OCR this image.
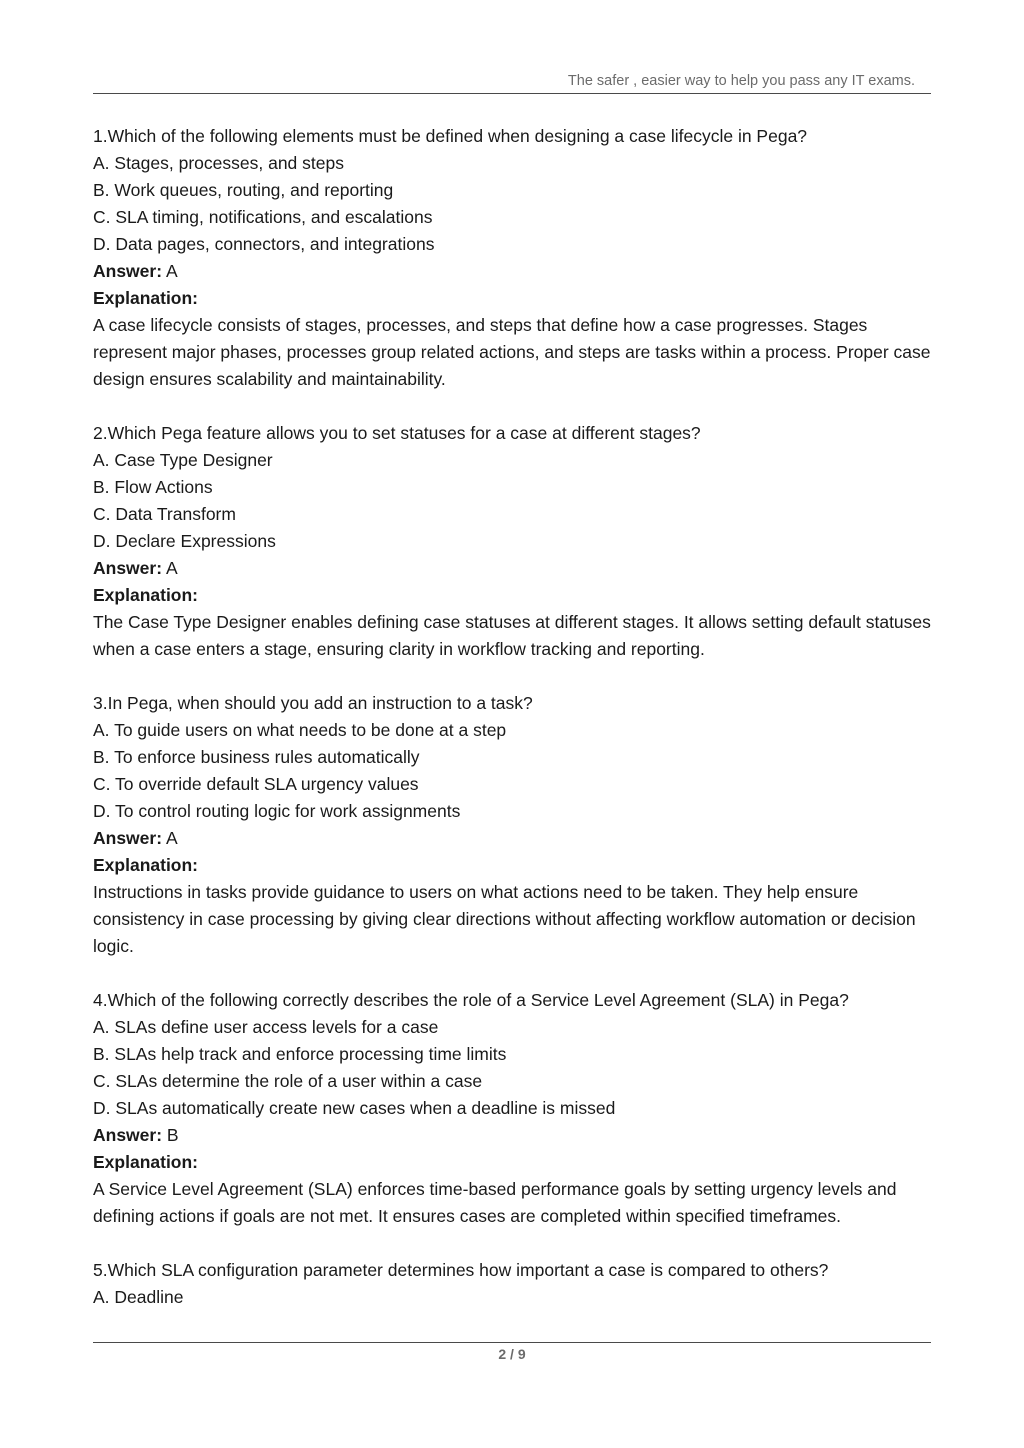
The safer , easier way to help you pass any IT exams.
1.Which of the following elements must be defined when designing a case lifecycle in Pega?
A. Stages, processes, and steps
B. Work queues, routing, and reporting
C. SLA timing, notifications, and escalations
D. Data pages, connectors, and integrations
Answer: A
Explanation:
A case lifecycle consists of stages, processes, and steps that define how a case progresses. Stages represent major phases, processes group related actions, and steps are tasks within a process. Proper case design ensures scalability and maintainability.
2.Which Pega feature allows you to set statuses for a case at different stages?
A. Case Type Designer
B. Flow Actions
C. Data Transform
D. Declare Expressions
Answer: A
Explanation:
The Case Type Designer enables defining case statuses at different stages. It allows setting default statuses when a case enters a stage, ensuring clarity in workflow tracking and reporting.
3.In Pega, when should you add an instruction to a task?
A. To guide users on what needs to be done at a step
B. To enforce business rules automatically
C. To override default SLA urgency values
D. To control routing logic for work assignments
Answer: A
Explanation:
Instructions in tasks provide guidance to users on what actions need to be taken. They help ensure consistency in case processing by giving clear directions without affecting workflow automation or decision logic.
4.Which of the following correctly describes the role of a Service Level Agreement (SLA) in Pega?
A. SLAs define user access levels for a case
B. SLAs help track and enforce processing time limits
C. SLAs determine the role of a user within a case
D. SLAs automatically create new cases when a deadline is missed
Answer: B
Explanation:
A Service Level Agreement (SLA) enforces time-based performance goals by setting urgency levels and defining actions if goals are not met. It ensures cases are completed within specified timeframes.
5.Which SLA configuration parameter determines how important a case is compared to others?
A. Deadline
2 / 9
